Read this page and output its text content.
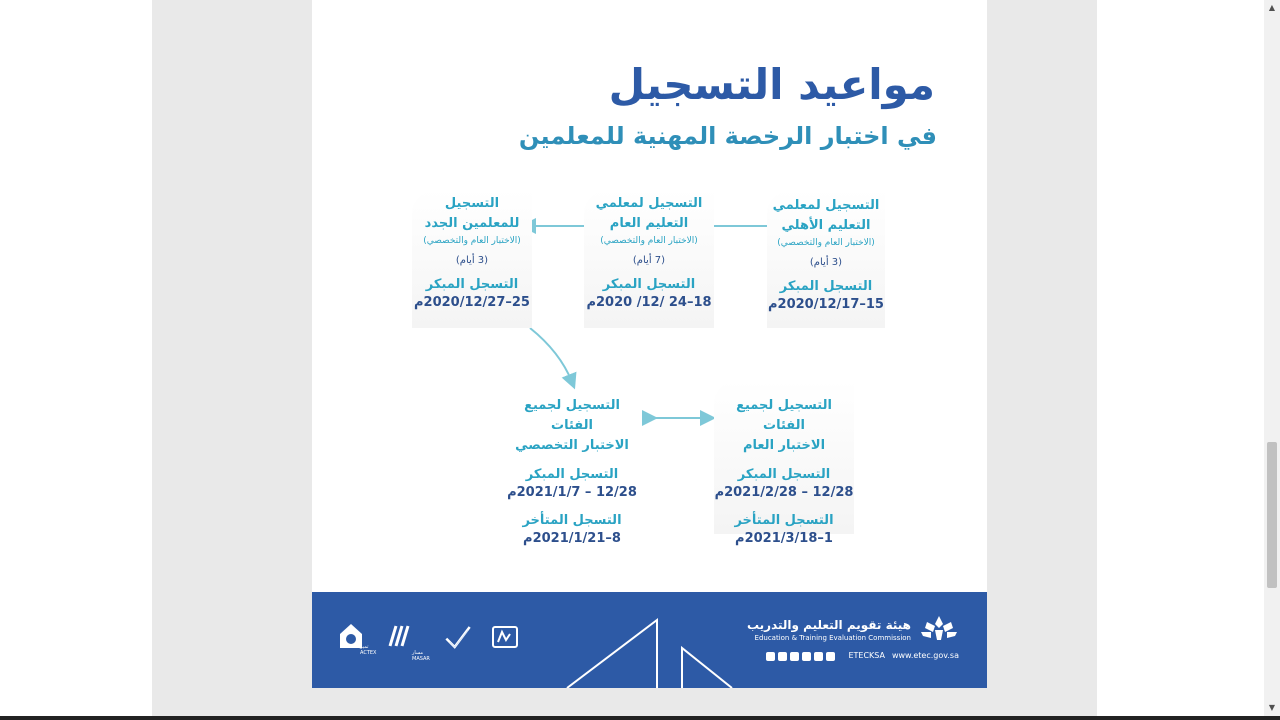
مواعيد التسجيل
في اختبار الرخصة المهنية للمعلمين
التسجيل لمعلمي
التعليم الأهلي
(الاختبار العام والتخصصي)
(3 أيام)
التسجل المبكر
15–2020/12/17م
التسجيل لمعلمي
التعليم العام
(الاختبار العام والتخصصي)
(7 أيام)
التسجل المبكر
18–24 /12/ 2020م
التسجيل
للمعلمين الجدد
(الاختبار العام والتخصصي)
(3 أيام)
التسجل المبكر
25–2020/12/27م
التسجيل لجميع الفئات
الاختبار العام
التسجل المبكر
12/28 – 2021/2/28م
التسجل المتأخر
1–2021/3/18م
التسجيل لجميع الفئات
الاختبار التخصصي
التسجل المبكر
12/28 – 2021/1/7م
التسجل المتأخر
8–2021/1/21م
هيئة تقويم التعليم والتدريب
Education & Training Evaluation Commission
ETECKSA www.etec.gov.sa
مسار
MASAR
تميز
ACTEX
▲
▼
